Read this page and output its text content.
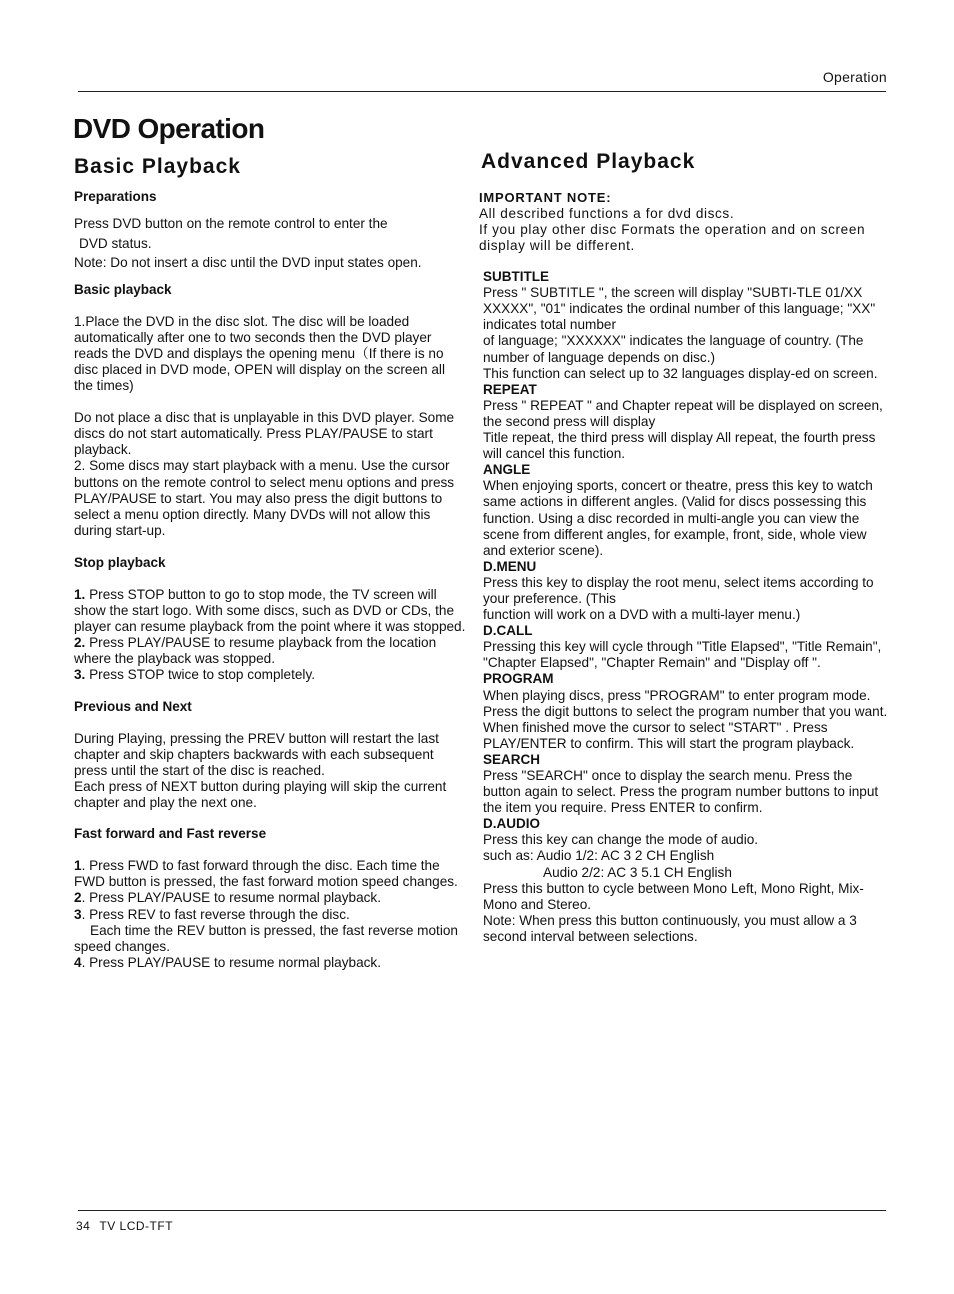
Operation
DVD Operation
Basic Playback

Preparations

Press DVD button on the remote control to enter the

DVD status.

Note: Do not insert a disc until the DVD input states open.

Basic playback

1.Place the DVD in the disc slot. The disc will be loaded automatically after one to two seconds then the DVD player reads the DVD and displays the opening menu（If there is no disc placed in DVD mode, OPEN will display on the screen all the times)

Do not place a disc that is unplayable in this DVD player. Some discs do not start automatically. Press PLAY/PAUSE to start playback.

2. Some discs may start playback with a menu. Use the cursor buttons on the remote control to select menu options and press PLAY/PAUSE to start. You may also press the digit buttons to select a menu option directly. Many DVDs will not allow this during start-up.

Stop playback

1. Press STOP button to go to stop mode, the TV screen will show the start logo. With some discs, such as DVD or CDs, the player can resume playback from the point where it was stopped.

2. Press PLAY/PAUSE to resume playback from the location where the playback was stopped.

3. Press STOP twice to stop completely.

Previous and Next

During Playing, pressing the PREV button will restart the last chapter and skip chapters backwards with each subsequent press until the start of the disc is reached.

Each press of NEXT button during playing will skip the current chapter and play the next one.

Fast forward and Fast reverse

1. Press FWD to fast forward through the disc. Each time the FWD button is pressed, the fast forward motion speed changes.

2. Press PLAY/PAUSE to resume normal playback.

3. Press REV to fast reverse through the disc.

Each time the REV button is pressed, the fast reverse motion speed changes.

4. Press PLAY/PAUSE to resume normal playback.

Advanced Playback

IMPORTANT NOTE:

All described functions a for dvd discs.

If you play other disc Formats the operation and on screen display will be different.

SUBTITLE

Press " SUBTITLE ", the screen will display "SUBTI-TLE 01/XX XXXXX", "01" indicates the ordinal number of this language; "XX" indicates total number

of language; "XXXXXX" indicates the language of country. (The number of language depends on disc.)

This function can select up to 32 languages display-ed on screen.

REPEAT

Press " REPEAT " and Chapter repeat will be displayed on screen, the second press will display

Title repeat, the third press will display All repeat, the fourth press will cancel this function.

ANGLE

When enjoying sports, concert or theatre, press this key to watch same actions in different angles. (Valid for discs possessing this function. Using a disc recorded in multi-angle you can view the scene from different angles, for example, front, side, whole view

and exterior scene).

D.MENU

Press this key to display the root menu, select items according to your preference. (This

function will work on a DVD with a multi-layer menu.)

D.CALL

Pressing this key will cycle through "Title Elapsed", "Title Remain", "Chapter Elapsed", "Chapter Remain" and "Display off ".

PROGRAM

When playing discs, press "PROGRAM" to enter program mode. Press the digit buttons to select the program number that you want. When finished move the cursor to select "START" . Press PLAY/ENTER to confirm. This will start the program playback.

SEARCH

Press "SEARCH" once to display the search menu. Press the button again to select. Press the program number buttons to input the item you require. Press ENTER to confirm.

D.AUDIO

Press this key can change the mode of audio.

such as: Audio 1/2: AC 3 2 CH English

Audio 2/2: AC 3 5.1 CH English

Press this button to cycle between Mono Left, Mono Right, Mix-Mono and Stereo.

Note: When press this button continuously, you must allow a 3 second interval between selections.

34 TV LCD-TFT
